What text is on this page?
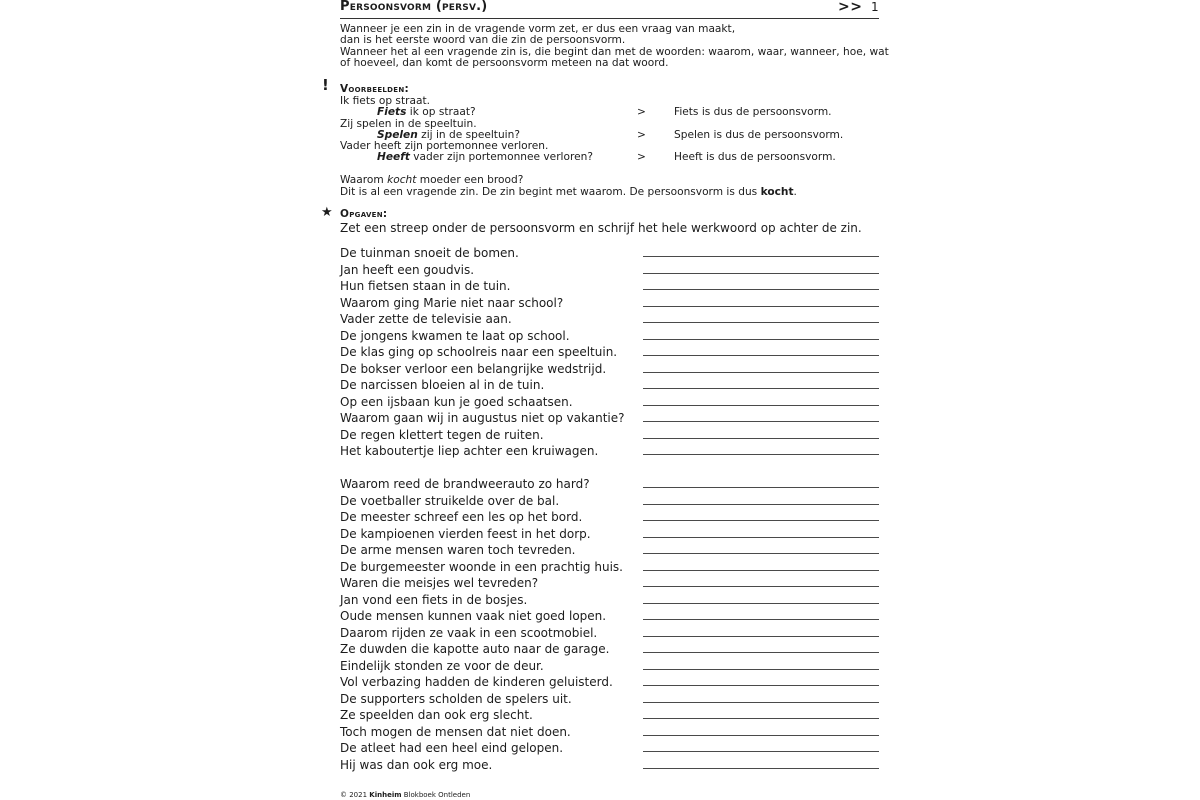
Persoonsvorm (persv.)	>> 1
Wanneer je een zin in de vragende vorm zet, er dus een vraag van maakt,
dan is het eerste woord van die zin de persoonsvorm.
Wanneer het al een vragende zin is, die begint dan met de woorden: waarom, waar, wanneer, hoe, wat
of hoeveel, dan komt de persoonsvorm meteen na dat woord.
! Voorbeelden:
Ik fiets op straat.
Fiets ik op straat?	>	Fiets is dus de persoonsvorm.
Zij spelen in de speeltuin.
Spelen zij in de speeltuin?	>	Spelen is dus de persoonsvorm.
Vader heeft zijn portemonnee verloren.
Heeft vader zijn portemonnee verloren?	>	Heeft is dus de persoonsvorm.
Waarom kocht moeder een brood?
Dit is al een vragende zin. De zin begint met waarom. De persoonsvorm is dus kocht.
★ Opgaven:
Zet een streep onder de persoonsvorm en schrijf het hele werkwoord op achter de zin.
De tuinman snoeit de bomen.
Jan heeft een goudvis.
Hun fietsen staan in de tuin.
Waarom ging Marie niet naar school?
Vader zette de televisie aan.
De jongens kwamen te laat op school.
De klas ging op schoolreis naar een speeltuin.
De bokser verloor een belangrijke wedstrijd.
De narcissen bloeien al in de tuin.
Op een ijsbaan kun je goed schaatsen.
Waarom gaan wij in augustus niet op vakantie?
De regen klettert tegen de ruiten.
Het kaboutertje liep achter een kruiwagen.
Waarom reed de brandweerauto zo hard?
De voetballer struikelde over de bal.
De meester schreef een les op het bord.
De kampioenen vierden feest in het dorp.
De arme mensen waren toch tevreden.
De burgemeester woonde in een prachtig huis.
Waren die meisjes wel tevreden?
Jan vond een fiets in de bosjes.
Oude mensen kunnen vaak niet goed lopen.
Daarom rijden ze vaak in een scootmobiel.
Ze duwden die kapotte auto naar de garage.
Eindelijk stonden ze voor de deur.
Vol verbazing hadden de kinderen geluisterd.
De supporters scholden de spelers uit.
Ze speelden dan ook erg slecht.
Toch mogen de mensen dat niet doen.
De atleet had een heel eind gelopen.
Hij was dan ook erg moe.
© 2021 Kinheim Blokboek Ontleden
